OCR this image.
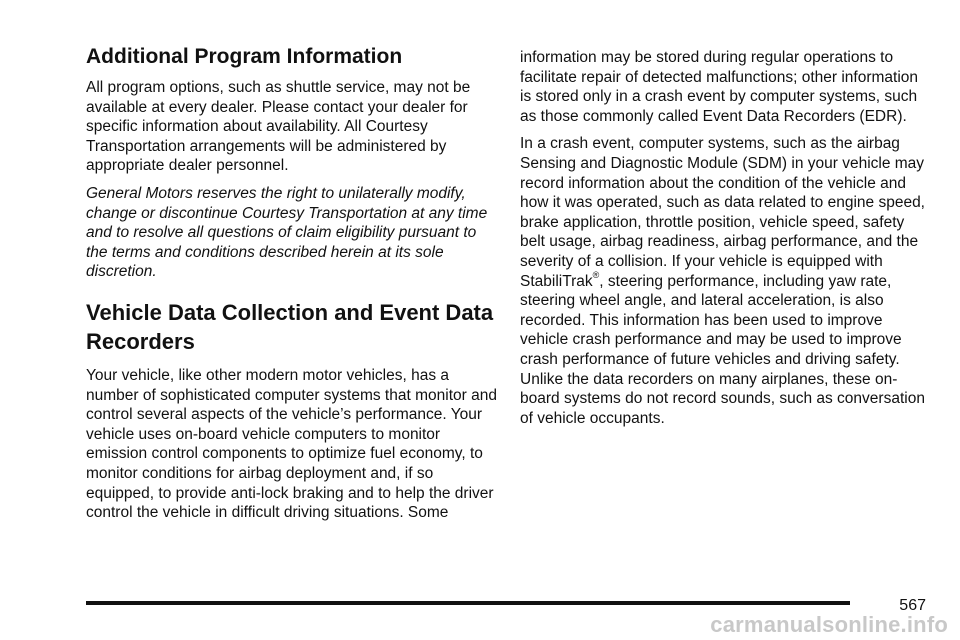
Additional Program Information

All program options, such as shuttle service, may not be available at every dealer. Please contact your dealer for specific information about availability. All Courtesy Transportation arrangements will be administered by appropriate dealer personnel.

General Motors reserves the right to unilaterally modify, change or discontinue Courtesy Transportation at any time and to resolve all questions of claim eligibility pursuant to the terms and conditions described herein at its sole discretion.

Vehicle Data Collection and Event Data Recorders

Your vehicle, like other modern motor vehicles, has a number of sophisticated computer systems that monitor and control several aspects of the vehicle’s performance. Your vehicle uses on-board vehicle computers to monitor emission control components to optimize fuel economy, to monitor conditions for airbag deployment and, if so equipped, to provide anti-lock braking and to help the driver control the vehicle in difficult driving situations. Some

information may be stored during regular operations to facilitate repair of detected malfunctions; other information is stored only in a crash event by computer systems, such as those commonly called Event Data Recorders (EDR).

In a crash event, computer systems, such as the airbag Sensing and Diagnostic Module (SDM) in your vehicle may record information about the condition of the vehicle and how it was operated, such as data related to engine speed, brake application, throttle position, vehicle speed, safety belt usage, airbag readiness, airbag performance, and the severity of a collision. If your vehicle is equipped with StabiliTrak®, steering performance, including yaw rate, steering wheel angle, and lateral acceleration, is also recorded. This information has been used to improve vehicle crash performance and may be used to improve crash performance of future vehicles and driving safety. Unlike the data recorders on many airplanes, these on-board systems do not record sounds, such as conversation of vehicle occupants.

567
carmanualsonline.info
